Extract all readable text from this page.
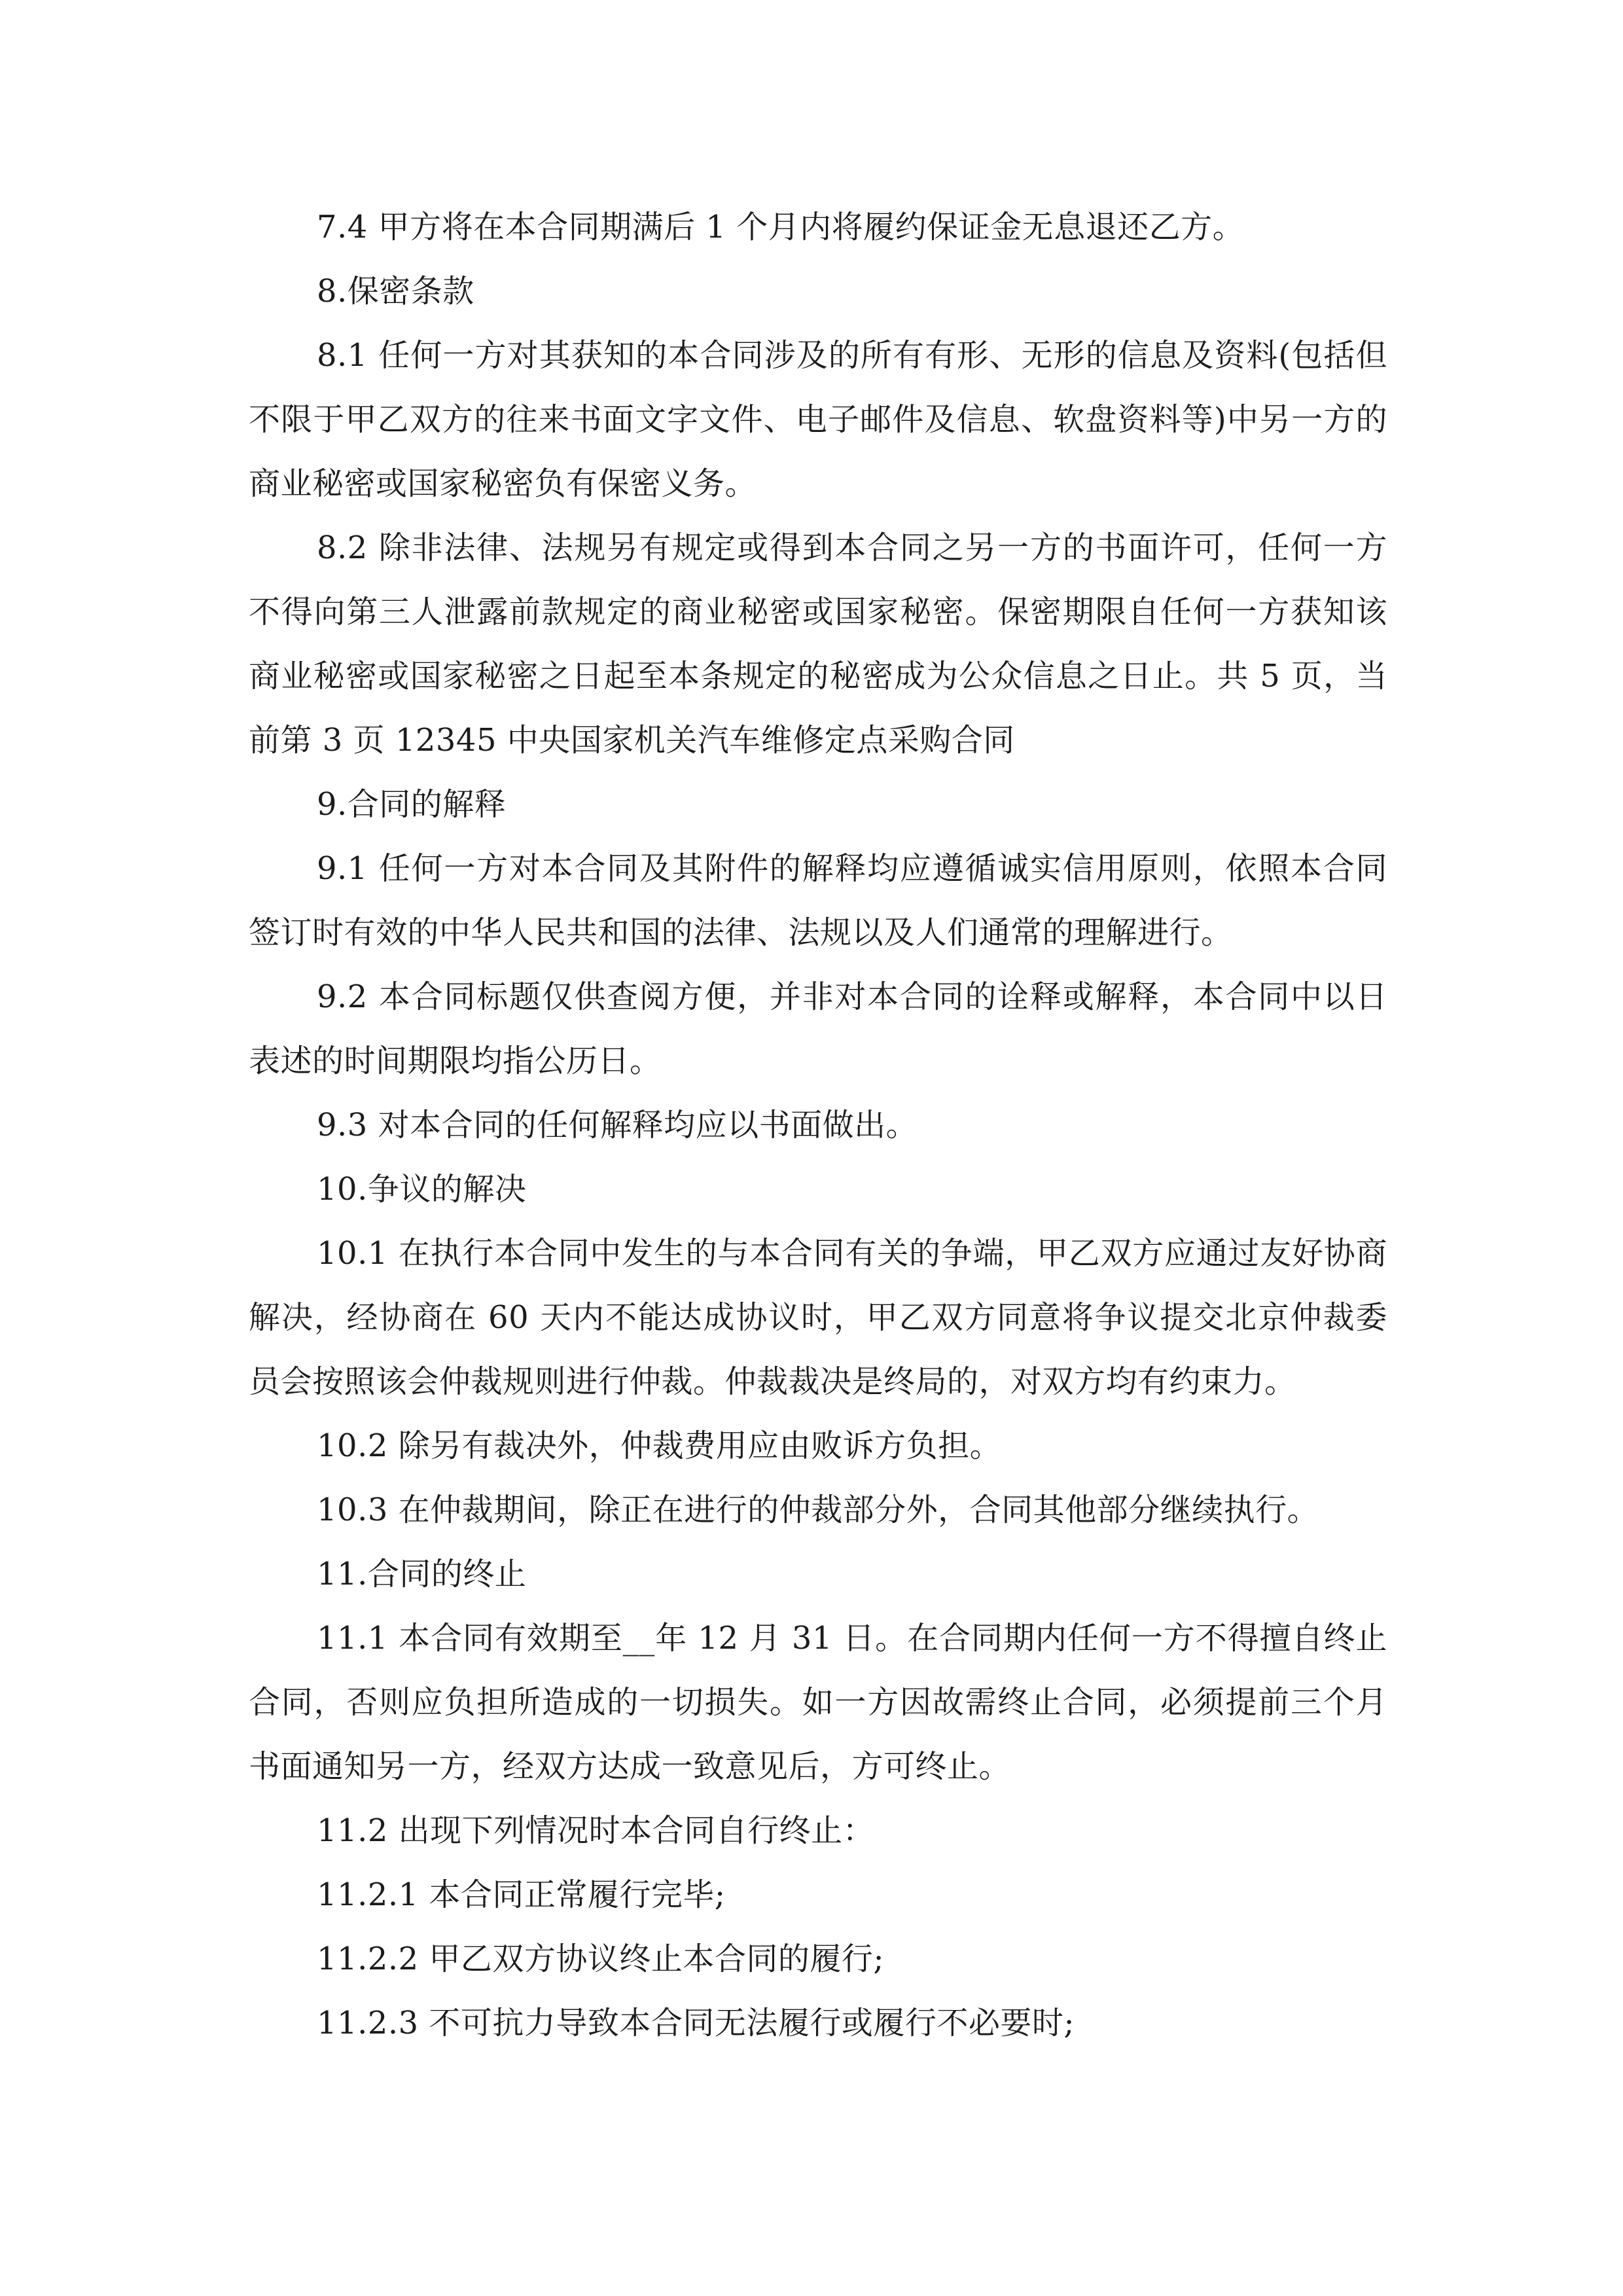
7.4 甲方将在本合同期满后 1 个月内将履约保证金无息退还乙方。

8.保密条款

8.1 任何一方对其获知的本合同涉及的所有有形、无形的信息及资料(包括但不限于甲乙双方的往来书面文字文件、电子邮件及信息、软盘资料等)中另一方的商业秘密或国家秘密负有保密义务。

8.2 除非法律、法规另有规定或得到本合同之另一方的书面许可，任何一方不得向第三人泄露前款规定的商业秘密或国家秘密。保密期限自任何一方获知该商业秘密或国家秘密之日起至本条规定的秘密成为公众信息之日止。共 5 页，当前第 3 页 12345 中央国家机关汽车维修定点采购合同

9.合同的解释

9.1 任何一方对本合同及其附件的解释均应遵循诚实信用原则，依照本合同签订时有效的中华人民共和国的法律、法规以及人们通常的理解进行。

9.2 本合同标题仅供查阅方便，并非对本合同的诠释或解释，本合同中以日表述的时间期限均指公历日。

9.3 对本合同的任何解释均应以书面做出。

10.争议的解决

10.1 在执行本合同中发生的与本合同有关的争端，甲乙双方应通过友好协商解决，经协商在 60 天内不能达成协议时，甲乙双方同意将争议提交北京仲裁委员会按照该会仲裁规则进行仲裁。仲裁裁决是终局的，对双方均有约束力。

10.2 除另有裁决外，仲裁费用应由败诉方负担。

10.3 在仲裁期间，除正在进行的仲裁部分外，合同其他部分继续执行。

11.合同的终止

11.1 本合同有效期至__年 12 月 31 日。在合同期内任何一方不得擅自终止合同，否则应负担所造成的一切损失。如一方因故需终止合同，必须提前三个月书面通知另一方，经双方达成一致意见后，方可终止。

11.2 出现下列情况时本合同自行终止：

11.2.1 本合同正常履行完毕;

11.2.2 甲乙双方协议终止本合同的履行;

11.2.3 不可抗力导致本合同无法履行或履行不必要时;
